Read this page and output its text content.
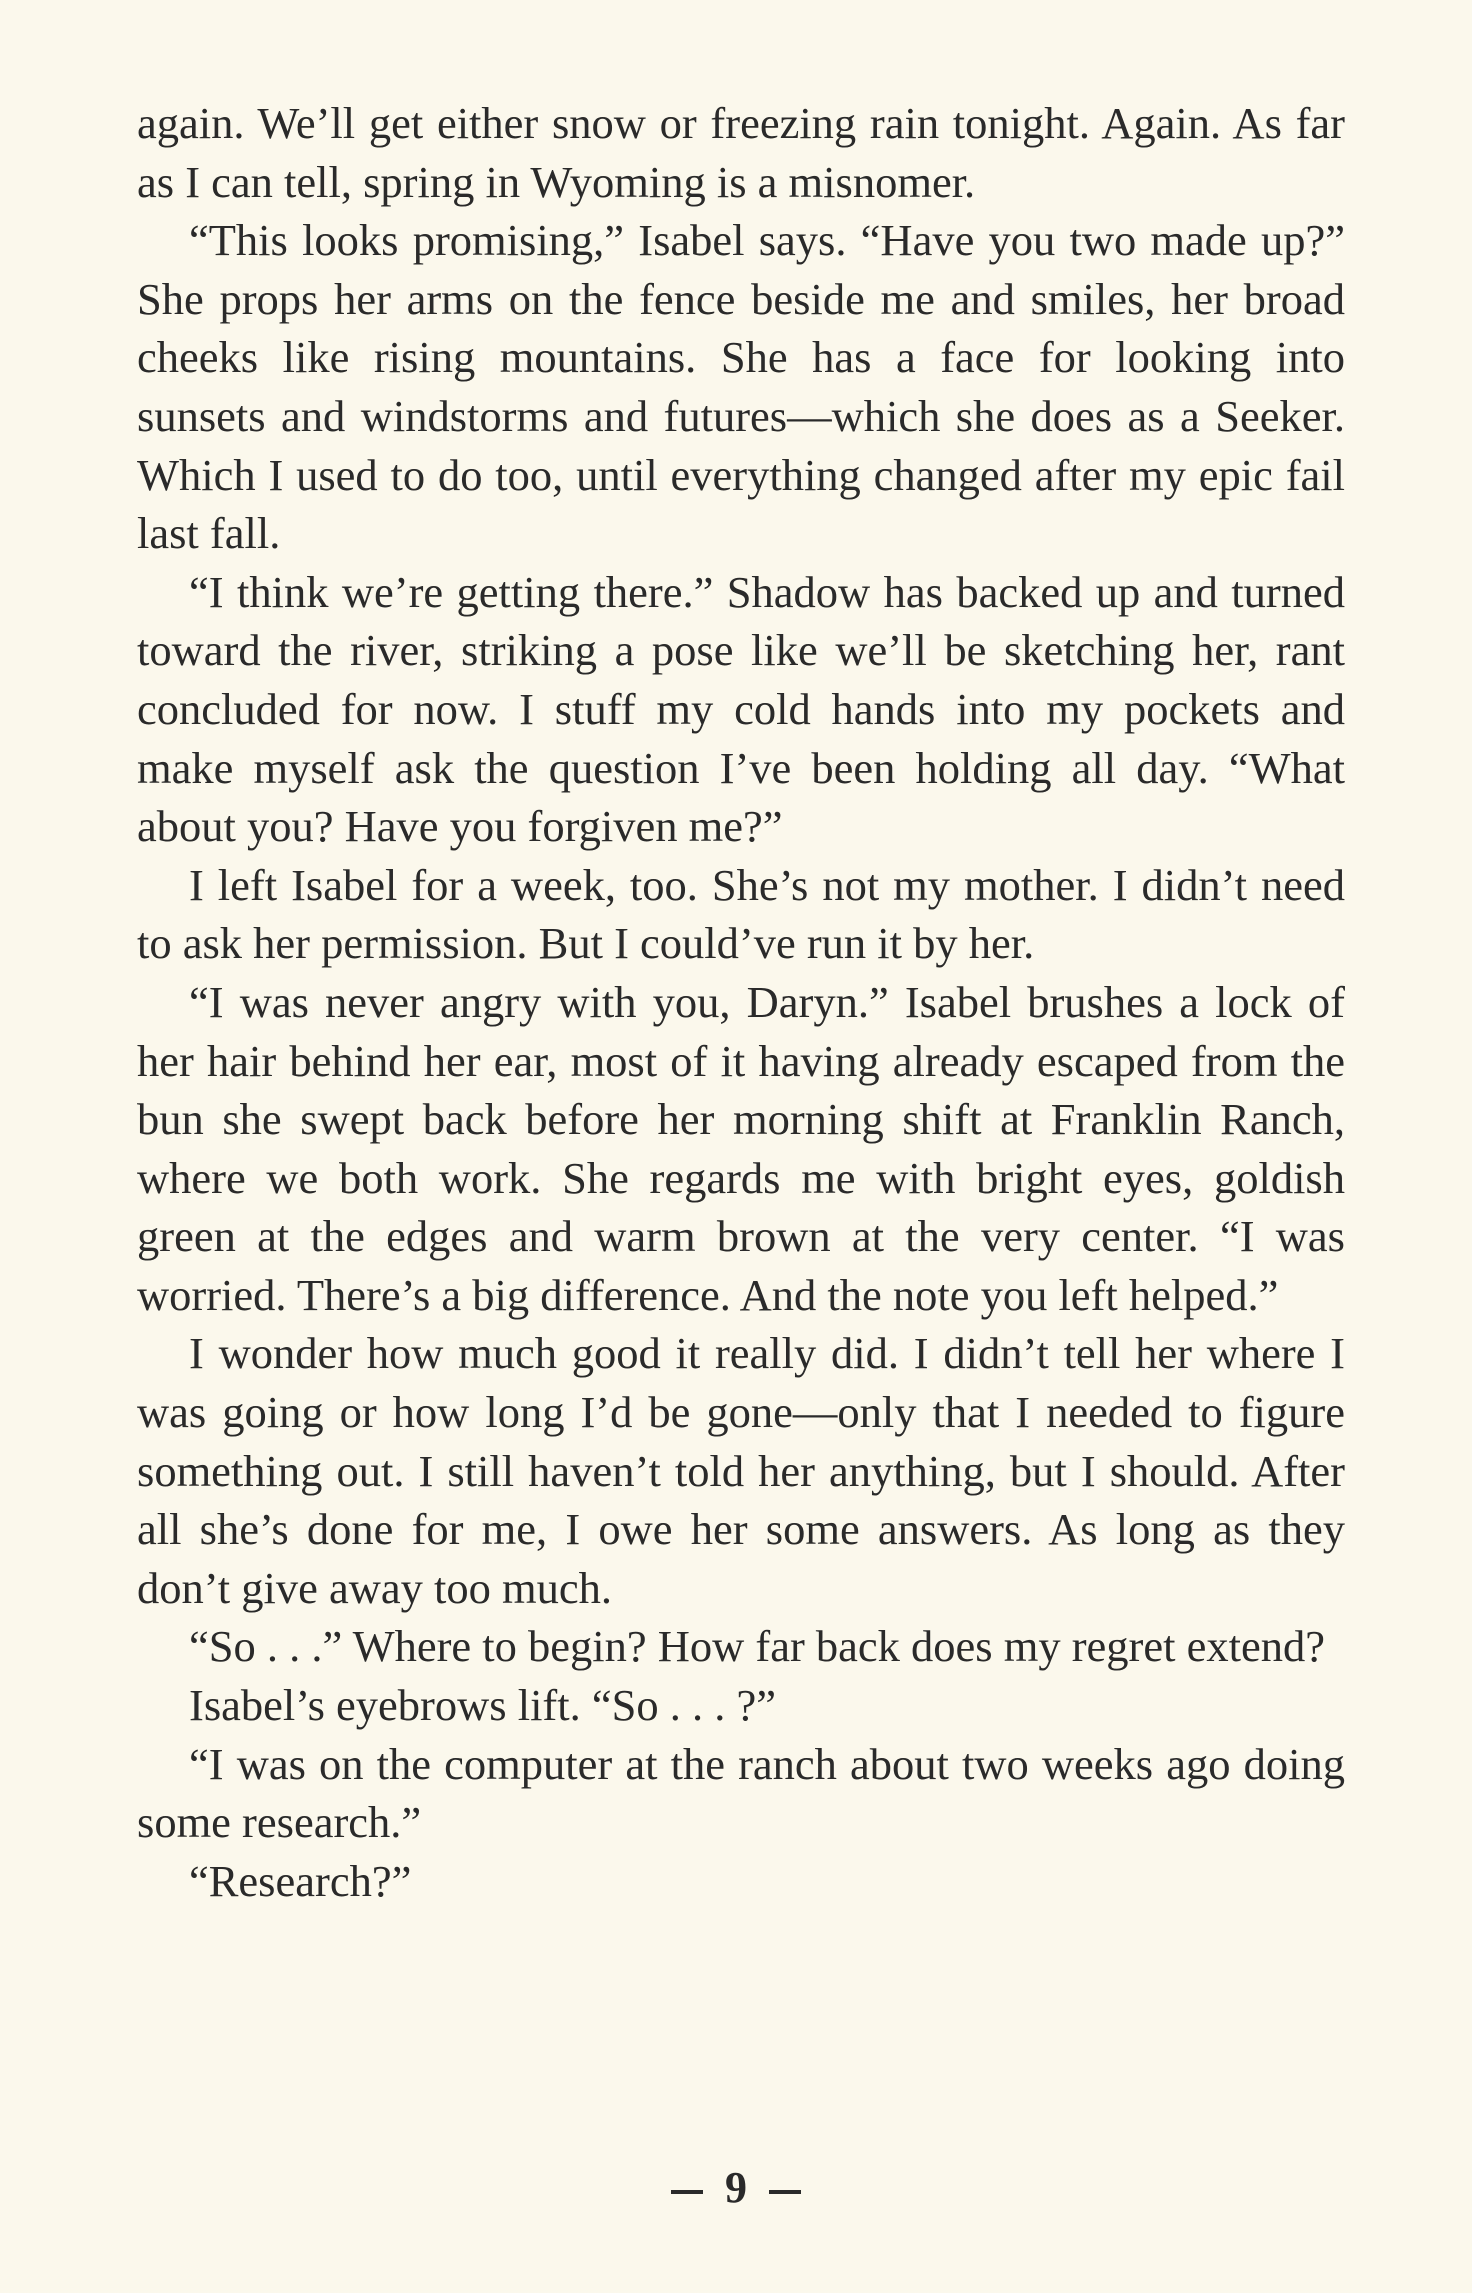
again. We’ll get either snow or freezing rain tonight. Again. As far as I can tell, spring in Wyoming is a misnomer.

“This looks promising,” Isabel says. “Have you two made up?” She props her arms on the fence beside me and smiles, her broad cheeks like rising mountains. She has a face for looking into sunsets and windstorms and futures—which she does as a Seeker. Which I used to do too, until everything changed after my epic fail last fall.

“I think we’re getting there.” Shadow has backed up and turned toward the river, striking a pose like we’ll be sketching her, rant concluded for now. I stuff my cold hands into my pockets and make myself ask the question I’ve been holding all day. “What about you? Have you forgiven me?”

I left Isabel for a week, too. She’s not my mother. I didn’t need to ask her permission. But I could’ve run it by her.

“I was never angry with you, Daryn.” Isabel brushes a lock of her hair behind her ear, most of it having already escaped from the bun she swept back before her morning shift at Franklin Ranch, where we both work. She regards me with bright eyes, goldish green at the edges and warm brown at the very center. “I was worried. There’s a big difference. And the note you left helped.”

I wonder how much good it really did. I didn’t tell her where I was going or how long I’d be gone—only that I needed to figure something out. I still haven’t told her anything, but I should. After all she’s done for me, I owe her some answers. As long as they don’t give away too much.

“So . . .” Where to begin? How far back does my regret extend?

Isabel’s eyebrows lift. “So . . . ?”

“I was on the computer at the ranch about two weeks ago doing some research.”

“Research?”

9
